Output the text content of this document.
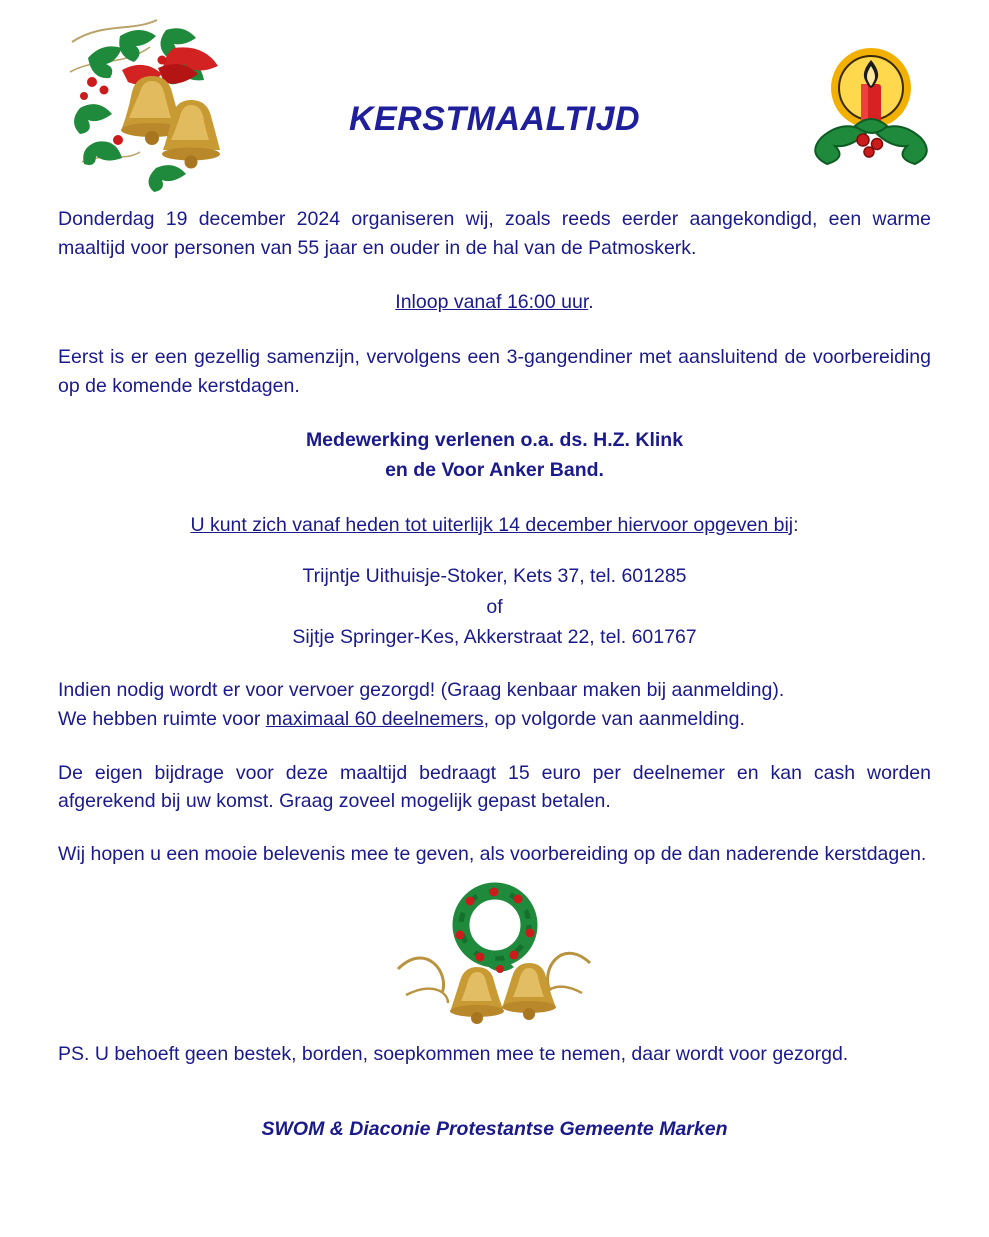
KERSTMAALTIJD

Donderdag 19 december 2024 organiseren wij, zoals reeds eerder aangekondigd, een warme maaltijd voor personen van 55 jaar en ouder in de hal van de Patmoskerk.

Inloop vanaf 16:00 uur.

Eerst is er een gezellig samenzijn, vervolgens een 3-gangendiner met aansluitend de voorbereiding op de komende kerstdagen.

Medewerking verlenen o.a. ds. H.Z. Klink
en de Voor Anker Band.

U kunt zich vanaf heden tot uiterlijk 14 december hiervoor opgeven bij:

Trijntje Uithuisje-Stoker, Kets 37, tel. 601285
of
Sijtje Springer-Kes, Akkerstraat 22, tel. 601767
Indien nodig wordt er voor vervoer gezorgd! (Graag kenbaar maken bij aanmelding).
We hebben ruimte voor maximaal 60 deelnemers, op volgorde van aanmelding.

De eigen bijdrage voor deze maaltijd bedraagt 15 euro per deelnemer en kan cash worden afgerekend bij uw komst. Graag zoveel mogelijk gepast betalen.

Wij hopen u een mooie belevenis mee te geven, als voorbereiding op de dan naderende kerstdagen.

PS. U behoeft geen bestek, borden, soepkommen mee te nemen, daar wordt voor gezorgd.
SWOM & Diaconie Protestantse Gemeente Marken
